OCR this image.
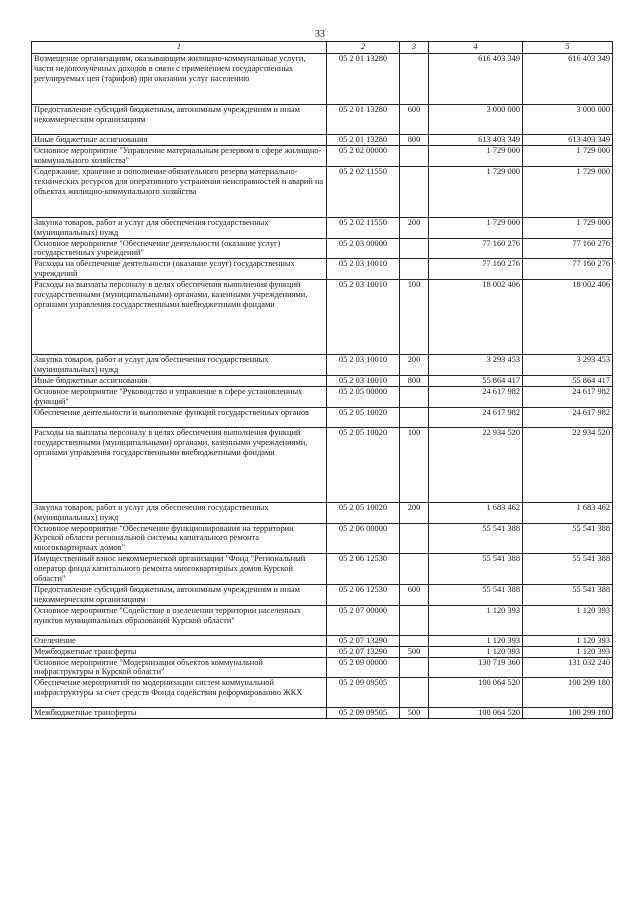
33
1	2	3	4	5
Возмещение организациям, оказывающим жилищно-коммунальные услуги, части недополученных доходов в связи с применением государственных регулируемых цен (тарифов) при оказании услуг населению	05 2 01 13280		616 403 349	616 403 349
Предоставление субсидий бюджетным, автономным учреждениям и иным некоммерческим организациям	05 2 01 13280	600	3 000 000	3 000 000
Иные бюджетные ассигнования	05 2 01 13280	800	613 403 349	613 403 349
Основное мероприятие "Управление материальным резервом в сфере жилищно-коммунального хозяйства"	05 2 02 00000		1 729 000	1 729 000
Содержание, хранение и пополнение обязательного резерва материально-технических ресурсов для оперативного устранения неисправностей и аварий на объектах жилищно-коммунального хозяйства	05 2 02 11550		1 729 000	1 729 000
Закупка товаров, работ и услуг для обеспечения государственных (муниципальных) нужд	05 2 02 11550	200	1 729 000	1 729 000
Основное мероприятие "Обеспечение деятельности (оказание услуг) государственных учреждений"	05 2 03 00000		77 160 276	77 160 276
Расходы на обеспечение деятельности (оказание услуг) государственных учреждений	05 2 03 10010		77 160 276	77 160 276
Расходы на выплаты персоналу в целях обеспечения выполнения функций государственными (муниципальными) органами, казенными учреждениями, органами управления государственными внебюджетными фондами	05 2 03 10010	100	18 002 406	18 002 406
Закупка товаров, работ и услуг для обеспечения государственных (муниципальных) нужд	05 2 03 10010	200	3 293 453	3 293 453
Иные бюджетные ассигнования	05 2 03 10010	800	55 864 417	55 864 417
Основное мероприятие "Руководство и управление в сфере установленных функций"	05 2 05 00000		24 617 982	24 617 982
Обеспечение деятельности и выполнение функций государственных органов	05 2 05 10020		24 617 982	24 617 982
Расходы на выплаты персоналу в целях обеспечения выполнения функций государственными (муниципальными) органами, казенными учреждениями, органами управления государственными внебюджетными фондами	05 2 05 10020	100	22 934 520	22 934 520
Закупка товаров, работ и услуг для обеспечения государственных (муниципальных) нужд	05 2 05 10020	200	1 683 462	1 683 462
Основное мероприятие "Обеспечение функционирования на территории Курской области региональной системы капитального ремонта многоквартирных домов"	05 2 06 00000		55 541 388	55 541 388
Имущественный взнос некоммерческой организации "Фонд "Региональный оператор фонда капитального ремонта многоквартирных домов Курской области"	05 2 06 12530		55 541 388	55 541 388
Предоставление субсидий бюджетным, автономным учреждениям и иным некоммерческим организациям	05 2 06 12530	600	55 541 388	55 541 388
Основное мероприятие "Содействие в озеленении территории населенных пунктов муниципальных образований Курской области"	05 2 07 00000		1 120 393	1 120 393
Озеленение	05 2 07 13290		1 120 393	1 120 393
Межбюджетные трансферты	05 2 07 13290	500	1 120 393	1 120 393
Основное мероприятие "Модернизация объектов коммунальной инфраструктуры в Курской области"	05 2 09 00000		130 719 360	131 032 240
Обеспечение мероприятий по модернизации систем коммунальной инфраструктуры за счет средств Фонда содействия реформированию ЖКХ	05 2 09 09505		100 064 520	100 299 180
Межбюджетные трансферты	05 2 09 09505	500	100 064 520	100 299 180
